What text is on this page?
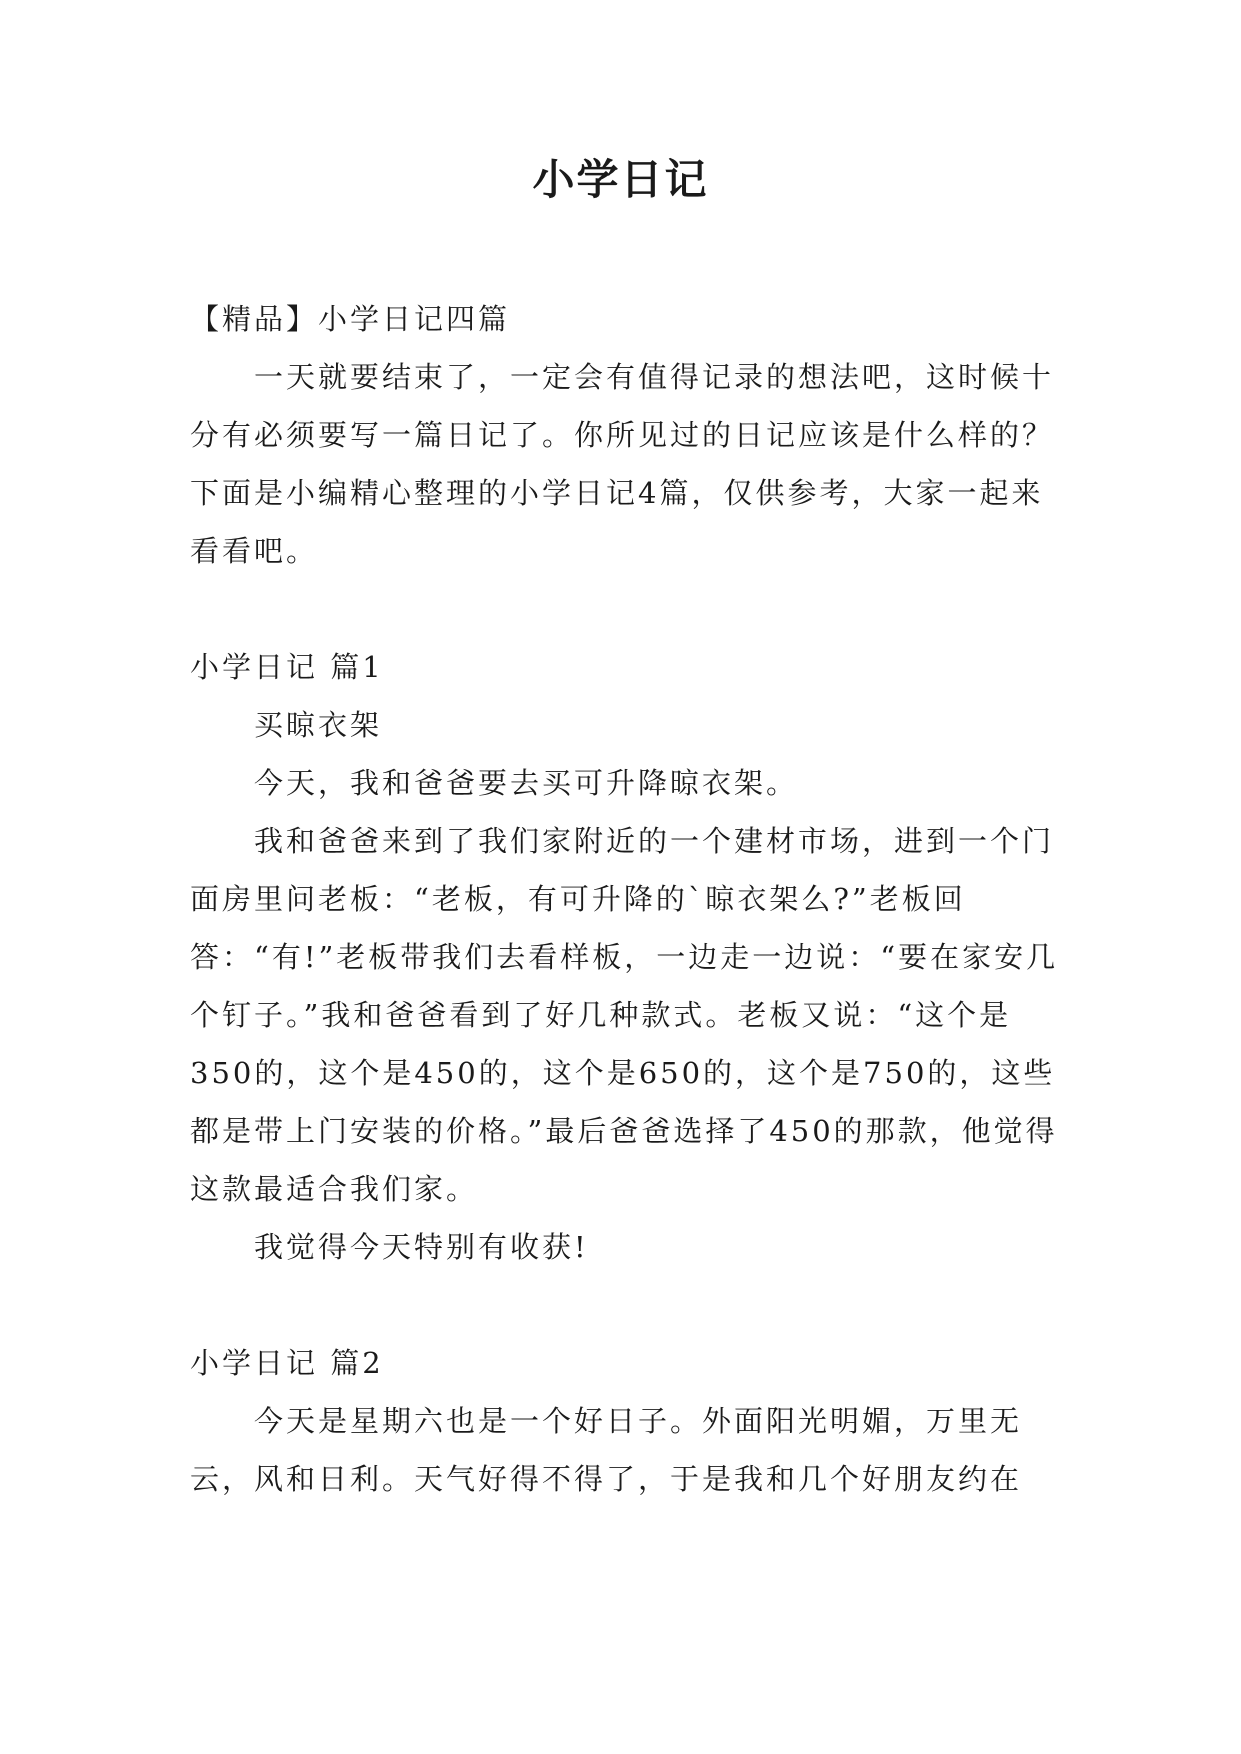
小学日记

【精品】小学日记四篇

一天就要结束了，一定会有值得记录的想法吧，这时候十分有必须要写一篇日记了。你所见过的日记应该是什么样的？下面是小编精心整理的小学日记4篇，仅供参考，大家一起来看看吧。

小学日记 篇1

买晾衣架

今天，我和爸爸要去买可升降晾衣架。

我和爸爸来到了我们家附近的一个建材市场，进到一个门面房里问老板：“老板，有可升降的`晾衣架么?”老板回答：“有!”老板带我们去看样板，一边走一边说：“要在家安几个钉子。”我和爸爸看到了好几种款式。老板又说：“这个是350的，这个是450的，这个是650的，这个是750的，这些都是带上门安装的价格。”最后爸爸选择了450的那款，他觉得这款最适合我们家。

我觉得今天特别有收获!

小学日记 篇2

今天是星期六也是一个好日子。外面阳光明媚，万里无云，风和日利。天气好得不得了，于是我和几个好朋友约在
